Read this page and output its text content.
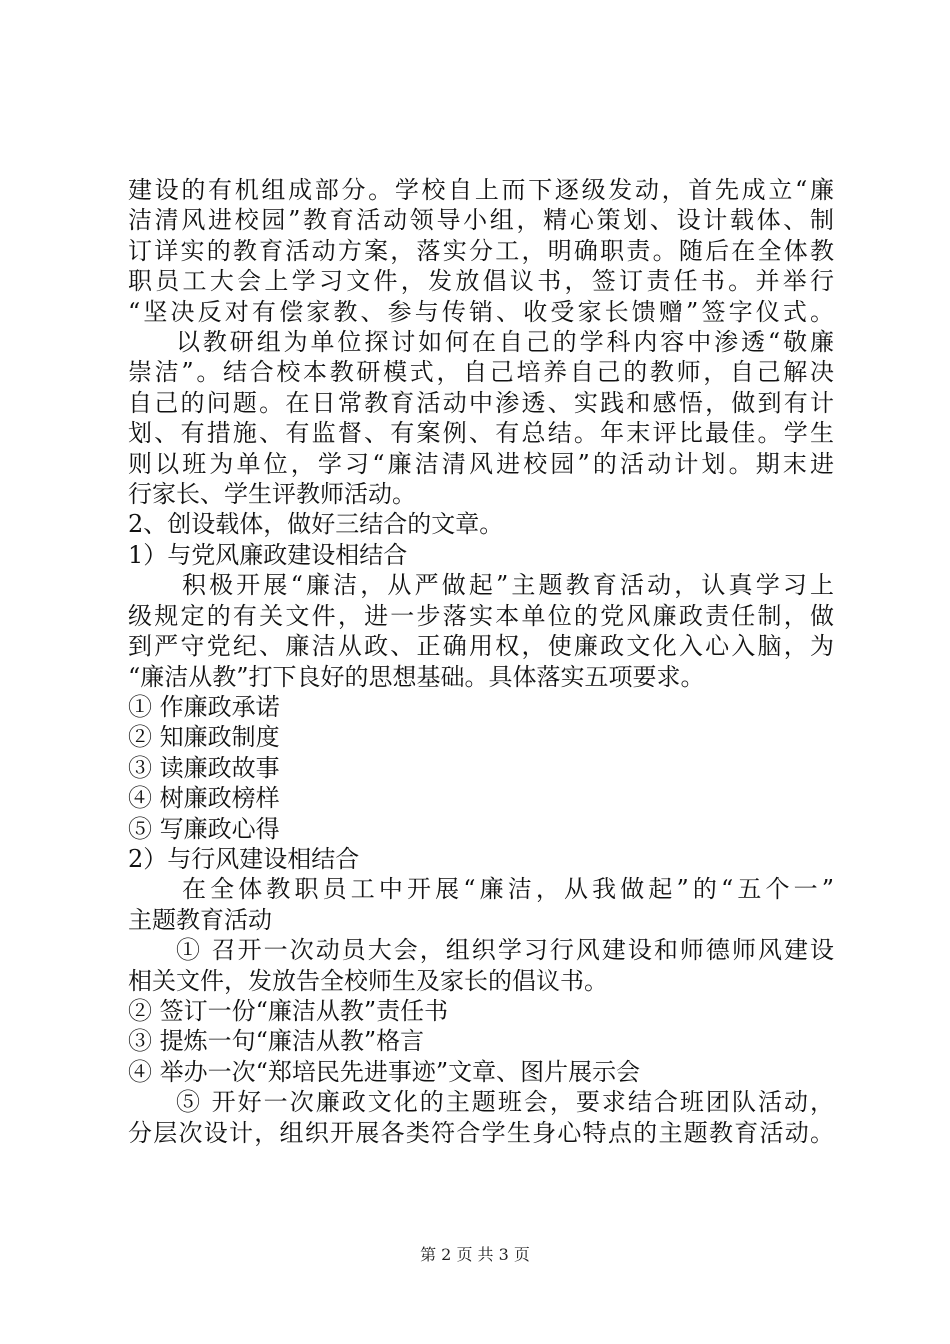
建设的有机组成部分。学校自上而下逐级发动，首先成立“廉
洁清风进校园”教育活动领导小组，精心策划、设计载体、制
订详实的教育活动方案，落实分工，明确职责。随后在全体教
职员工大会上学习文件，发放倡议书，签订责任书。并举行
“坚决反对有偿家教、参与传销、收受家长馈赠”签字仪式。

以教研组为单位探讨如何在自己的学科内容中渗透“敬廉
崇洁”。结合校本教研模式，自己培养自己的教师，自己解决
自己的问题。在日常教育活动中渗透、实践和感悟，做到有计
划、有措施、有监督、有案例、有总结。年末评比最佳。学生
则以班为单位，学习“廉洁清风进校园”的活动计划。期末进
行家长、学生评教师活动。

2、创设载体，做好三结合的文章。

1）与党风廉政建设相结合

积极开展“廉洁，从严做起”主题教育活动，认真学习上
级规定的有关文件，进一步落实本单位的党风廉政责任制，做
到严守党纪、廉洁从政、正确用权，使廉政文化入心入脑，为
“廉洁从教”打下良好的思想基础。具体落实五项要求。

① 作廉政承诺

② 知廉政制度

③ 读廉政故事

④ 树廉政榜样

⑤ 写廉政心得

2）与行风建设相结合

在全体教职员工中开展“廉洁，从我做起”的“五个一”
主题教育活动

① 召开一次动员大会，组织学习行风建设和师德师风建设
相关文件，发放告全校师生及家长的倡议书。

② 签订一份“廉洁从教”责任书

③ 提炼一句“廉洁从教”格言

④ 举办一次“郑培民先进事迹”文章、图片展示会

⑤ 开好一次廉政文化的主题班会，要求结合班团队活动，
分层次设计，组织开展各类符合学生身心特点的主题教育活动。

第 2 页 共 3 页
